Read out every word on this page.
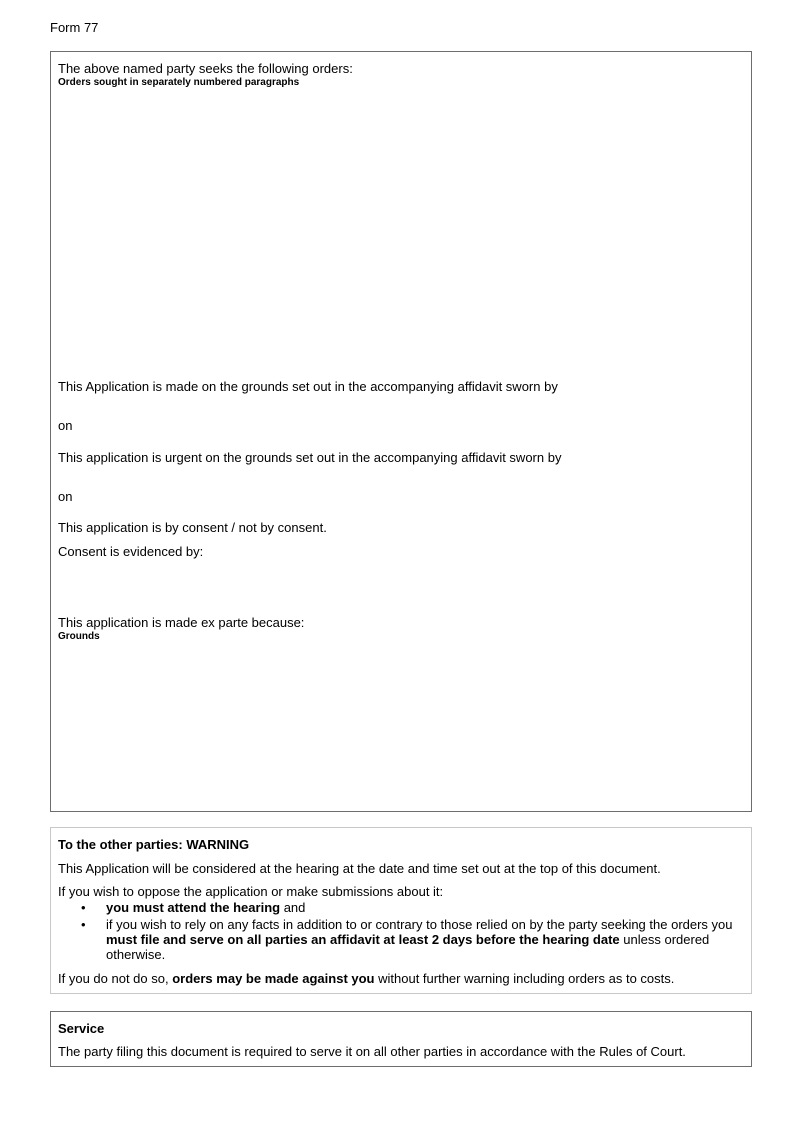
Form 77

The above named party seeks the following orders:

Orders sought in separately numbered paragraphs

This Application is made on the grounds set out in the accompanying affidavit sworn by

on

This application is urgent on the grounds set out in the accompanying affidavit sworn by

on

This application is by consent / not by consent.

Consent is evidenced by:

This application is made ex parte because:

Grounds

To the other parties: WARNING

This Application will be considered at the hearing at the date and time set out at the top of this document.

If you wish to oppose the application or make submissions about it:

• you must attend the hearing and
• if you wish to rely on any facts in addition to or contrary to those relied on by the party seeking the orders you must file and serve on all parties an affidavit at least 2 days before the hearing date unless ordered otherwise.

If you do not do so, orders may be made against you without further warning including orders as to costs.

Service

The party filing this document is required to serve it on all other parties in accordance with the Rules of Court.
